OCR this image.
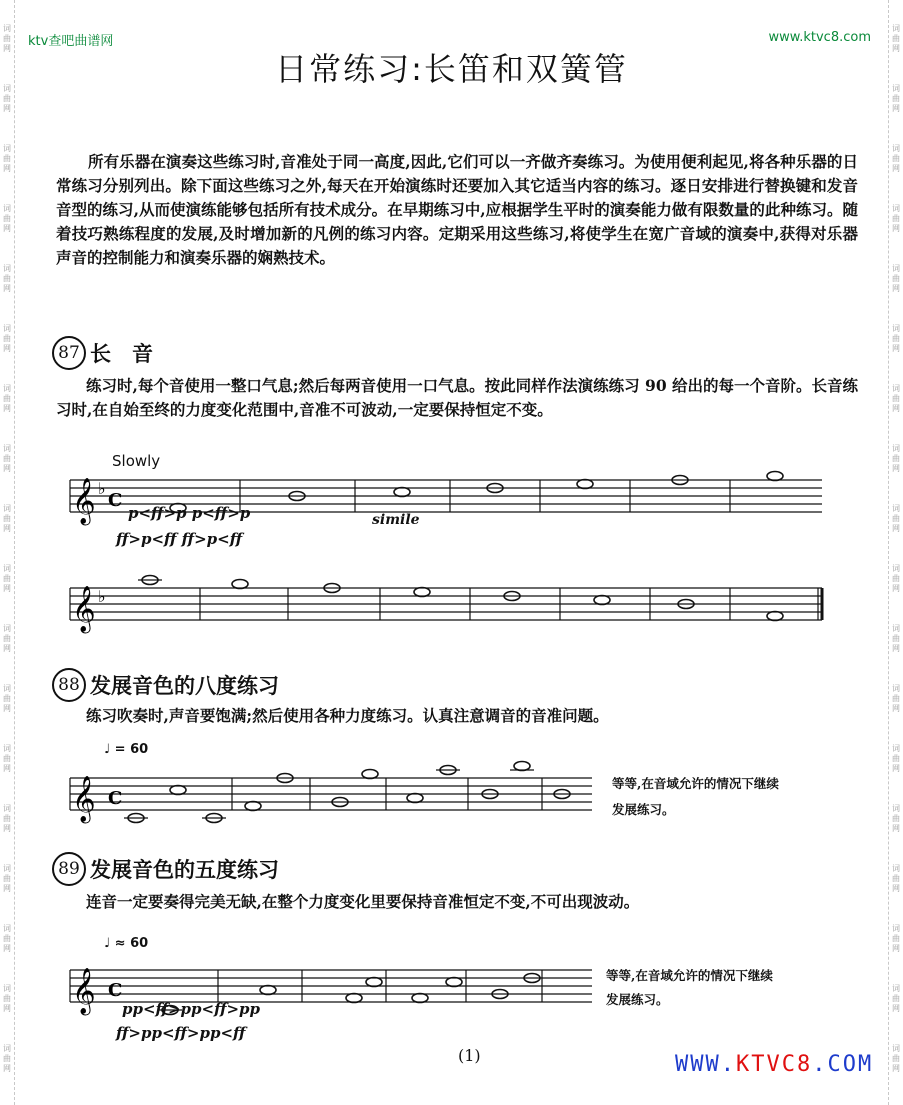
词
曲
网
词
曲
网
词
曲
网
词
曲
网
词
曲
网
词
曲
网
词
曲
网
词
曲
网
词
曲
网
词
曲
网
词
曲
网
词
曲
网
词
曲
网
词
曲
网
词
曲
网
词
曲
网
词
曲
网
词
曲
网
词
曲
网
词
曲
网
词
曲
网
词
曲
网
词
曲
网
词
曲
网
词
曲
网
词
曲
网
词
曲
网
词
曲
网
词
曲
网
词
曲
网
词
曲
网
词
曲
网
词
曲
网
词
曲
网
词
曲
网
词
曲
网
ktv查吧曲谱网	www.ktvc8.com
日常练习:长笛和双簧管
所有乐器在演奏这些练习时,音准处于同一高度,因此,它们可以一齐做齐奏练习。为使用便利起见,将各种乐器的日常练习分别列出。除下面这些练习之外,每天在开始演练时还要加入其它适当内容的练习。逐日安排进行替换键和发音音型的练习,从而使演练能够包括所有技术成分。在早期练习中,应根据学生平时的演奏能力做有限数量的此种练习。随着技巧熟练程度的发展,及时增加新的凡例的练习内容。定期采用这些练习,将使学生在宽广音域的演奏中,获得对乐器声音的控制能力和演奏乐器的娴熟技术。
87 长　音
练习时,每个音使用一整口气息;然后每两音使用一口气息。按此同样作法演练练习 90 给出的每一个音阶。长音练习时,在自始至终的力度变化范围中,音准不可波动,一定要保持恒定不变。
Slowly
𝄞 ♭
C
p<ff>p p<ff>p
ff>p<ff ff>p<ff
simile
𝄞 ♭
88 发展音色的八度练习
练习吹奏时,声音要饱满;然后使用各种力度练习。认真注意调音的音准问题。
♩ = 60
𝄞 C
等等,在音域允许的情况下继续
发展练习。
89 发展音色的五度练习
连音一定要奏得完美无缺,在整个力度变化里要保持音准恒定不变,不可出现波动。
♩ ≈ 60
𝄞 C
pp<ff>pp<ff>pp
ff>pp<ff>pp<ff
等等,在音域允许的情况下继续
发展练习。
(1)	WWW.KTVC8.COM
